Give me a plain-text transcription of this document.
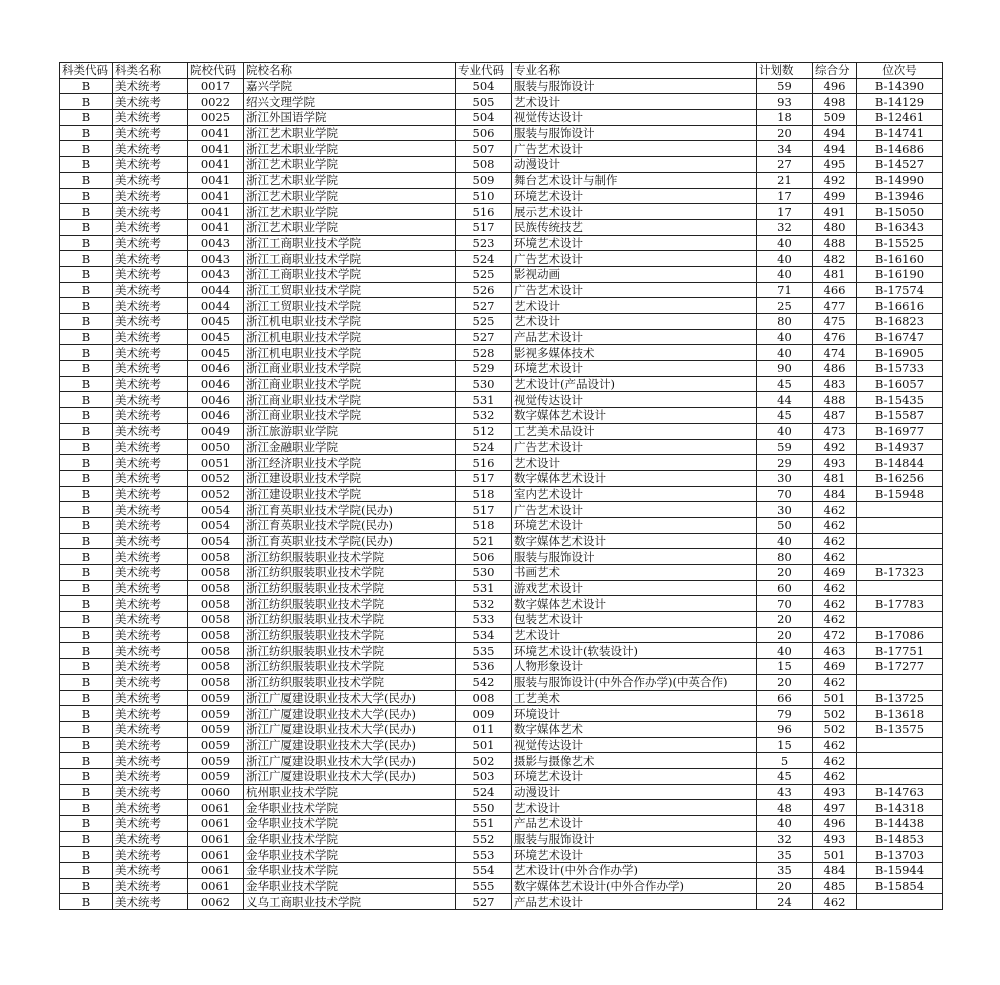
科类代码	科类名称	院校代码	院校名称	专业代码	专业名称	计划数	综合分	位次号
B	美术统考	0017	嘉兴学院	504	服装与服饰设计	59	496	B-14390
B	美术统考	0022	绍兴文理学院	505	艺术设计	93	498	B-14129
B	美术统考	0025	浙江外国语学院	504	视觉传达设计	18	509	B-12461
B	美术统考	0041	浙江艺术职业学院	506	服装与服饰设计	20	494	B-14741
B	美术统考	0041	浙江艺术职业学院	507	广告艺术设计	34	494	B-14686
B	美术统考	0041	浙江艺术职业学院	508	动漫设计	27	495	B-14527
B	美术统考	0041	浙江艺术职业学院	509	舞台艺术设计与制作	21	492	B-14990
B	美术统考	0041	浙江艺术职业学院	510	环境艺术设计	17	499	B-13946
B	美术统考	0041	浙江艺术职业学院	516	展示艺术设计	17	491	B-15050
B	美术统考	0041	浙江艺术职业学院	517	民族传统技艺	32	480	B-16343
B	美术统考	0043	浙江工商职业技术学院	523	环境艺术设计	40	488	B-15525
B	美术统考	0043	浙江工商职业技术学院	524	广告艺术设计	40	482	B-16160
B	美术统考	0043	浙江工商职业技术学院	525	影视动画	40	481	B-16190
B	美术统考	0044	浙江工贸职业技术学院	526	广告艺术设计	71	466	B-17574
B	美术统考	0044	浙江工贸职业技术学院	527	艺术设计	25	477	B-16616
B	美术统考	0045	浙江机电职业技术学院	525	艺术设计	80	475	B-16823
B	美术统考	0045	浙江机电职业技术学院	527	产品艺术设计	40	476	B-16747
B	美术统考	0045	浙江机电职业技术学院	528	影视多媒体技术	40	474	B-16905
B	美术统考	0046	浙江商业职业技术学院	529	环境艺术设计	90	486	B-15733
B	美术统考	0046	浙江商业职业技术学院	530	艺术设计(产品设计)	45	483	B-16057
B	美术统考	0046	浙江商业职业技术学院	531	视觉传达设计	44	488	B-15435
B	美术统考	0046	浙江商业职业技术学院	532	数字媒体艺术设计	45	487	B-15587
B	美术统考	0049	浙江旅游职业学院	512	工艺美术品设计	40	473	B-16977
B	美术统考	0050	浙江金融职业学院	524	广告艺术设计	59	492	B-14937
B	美术统考	0051	浙江经济职业技术学院	516	艺术设计	29	493	B-14844
B	美术统考	0052	浙江建设职业技术学院	517	数字媒体艺术设计	30	481	B-16256
B	美术统考	0052	浙江建设职业技术学院	518	室内艺术设计	70	484	B-15948
B	美术统考	0054	浙江育英职业技术学院(民办)	517	广告艺术设计	30	462	
B	美术统考	0054	浙江育英职业技术学院(民办)	518	环境艺术设计	50	462	
B	美术统考	0054	浙江育英职业技术学院(民办)	521	数字媒体艺术设计	40	462	
B	美术统考	0058	浙江纺织服装职业技术学院	506	服装与服饰设计	80	462	
B	美术统考	0058	浙江纺织服装职业技术学院	530	书画艺术	20	469	B-17323
B	美术统考	0058	浙江纺织服装职业技术学院	531	游戏艺术设计	60	462	
B	美术统考	0058	浙江纺织服装职业技术学院	532	数字媒体艺术设计	70	462	B-17783
B	美术统考	0058	浙江纺织服装职业技术学院	533	包装艺术设计	20	462	
B	美术统考	0058	浙江纺织服装职业技术学院	534	艺术设计	20	472	B-17086
B	美术统考	0058	浙江纺织服装职业技术学院	535	环境艺术设计(软装设计)	40	463	B-17751
B	美术统考	0058	浙江纺织服装职业技术学院	536	人物形象设计	15	469	B-17277
B	美术统考	0058	浙江纺织服装职业技术学院	542	服装与服饰设计(中外合作办学)(中英合作)	20	462	
B	美术统考	0059	浙江广厦建设职业技术大学(民办)	008	工艺美术	66	501	B-13725
B	美术统考	0059	浙江广厦建设职业技术大学(民办)	009	环境设计	79	502	B-13618
B	美术统考	0059	浙江广厦建设职业技术大学(民办)	011	数字媒体艺术	96	502	B-13575
B	美术统考	0059	浙江广厦建设职业技术大学(民办)	501	视觉传达设计	15	462	
B	美术统考	0059	浙江广厦建设职业技术大学(民办)	502	摄影与摄像艺术	5	462	
B	美术统考	0059	浙江广厦建设职业技术大学(民办)	503	环境艺术设计	45	462	
B	美术统考	0060	杭州职业技术学院	524	动漫设计	43	493	B-14763
B	美术统考	0061	金华职业技术学院	550	艺术设计	48	497	B-14318
B	美术统考	0061	金华职业技术学院	551	产品艺术设计	40	496	B-14438
B	美术统考	0061	金华职业技术学院	552	服装与服饰设计	32	493	B-14853
B	美术统考	0061	金华职业技术学院	553	环境艺术设计	35	501	B-13703
B	美术统考	0061	金华职业技术学院	554	艺术设计(中外合作办学)	35	484	B-15944
B	美术统考	0061	金华职业技术学院	555	数字媒体艺术设计(中外合作办学)	20	485	B-15854
B	美术统考	0062	义乌工商职业技术学院	527	产品艺术设计	24	462	
